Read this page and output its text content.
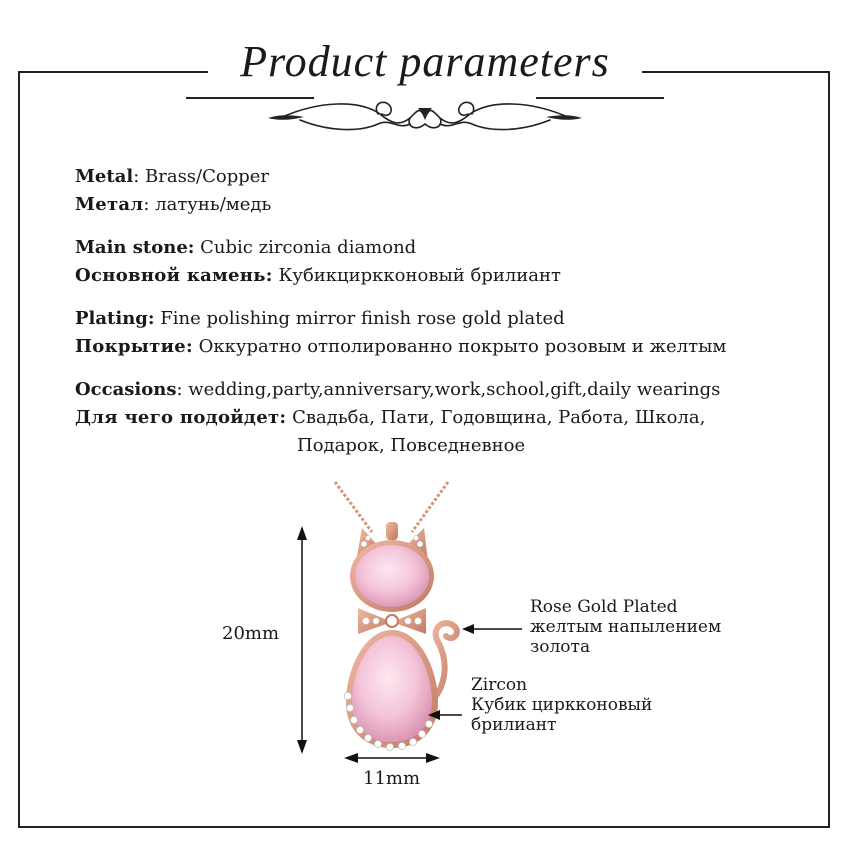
Product parameters
Metal: Brass/Copper
Метал: латунь/медь
Main stone: Cubic zirconia diamond
Основной камень: Кубикциркконовый брилиант
Plating: Fine polishing mirror finish rose gold plated
Покрытие: Оккуратно отполированно покрыто розовым и желтым
Occasions: wedding,party,anniversary,work,school,gift,daily wearings
Для чего подойдет: Свадьба, Пати, Годовщина, Работа, Школа,
Подарок, Повседневное
20mm
11mm
Rose Gold Plated
желтым напылением
золота
Zircon
Кубик циркконовый
брилиант
